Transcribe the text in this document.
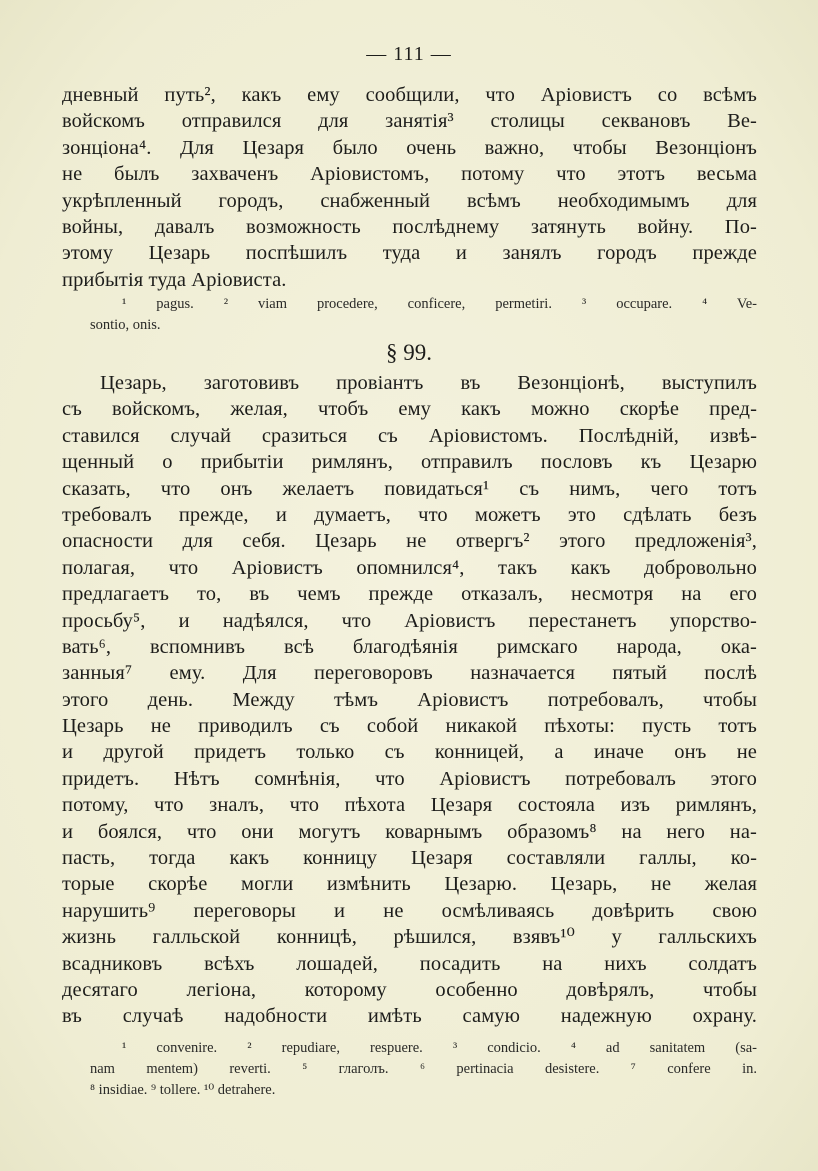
— 111 —
дневный путь², какъ ему сообщили, что Аріовистъ со всѣмъ
войскомъ отправился для занятія³ столицы секвановъ Ве-
зонціона⁴. Для Цезаря было очень важно, чтобы Везонціонъ
не былъ захваченъ Аріовистомъ, потому что этотъ весьма
укрѣпленный городъ, снабженный всѣмъ необходимымъ для
войны, давалъ возможность послѣднему затянуть войну. По-
этому Цезарь поспѣшилъ туда и занялъ городъ прежде
прибытія туда Аріовиста.
¹ pagus. ² viam procedere, conficere, permetiri. ³ occupare. ⁴ Ve-
sontio, onis.
§ 99.
Цезарь, заготовивъ провіантъ въ Везонціонѣ, выступилъ
съ войскомъ, желая, чтобъ ему какъ можно скорѣе пред-
ставился случай сразиться съ Аріовистомъ. Послѣдній, извѣ-
щенный о прибытіи римлянъ, отправилъ пословъ къ Цезарю
сказать, что онъ желаетъ повидаться¹ съ нимъ, чего тотъ
требовалъ прежде, и думаетъ, что можетъ это сдѣлать безъ
опасности для себя. Цезарь не отвергъ² этого предложенія³,
полагая, что Аріовистъ опомнился⁴, такъ какъ добровольно
предлагаетъ то, въ чемъ прежде отказалъ, несмотря на его
просьбу⁵, и надѣялся, что Аріовистъ перестанетъ упорство-
вать⁶, вспомнивъ всѣ благодѣянія римскаго народа, ока-
занныя⁷ ему. Для переговоровъ назначается пятый послѣ
этого день. Между тѣмъ Аріовистъ потребовалъ, чтобы
Цезарь не приводилъ съ собой никакой пѣхоты: пусть тотъ
и другой придетъ только съ конницей, а иначе онъ не
придетъ. Нѣтъ сомнѣнія, что Аріовистъ потребовалъ этого
потому, что зналъ, что пѣхота Цезаря состояла изъ римлянъ,
и боялся, что они могутъ коварнымъ образомъ⁸ на него на-
пасть, тогда какъ конницу Цезаря составляли галлы, ко-
торые скорѣе могли измѣнить Цезарю. Цезарь, не желая
нарушить⁹ переговоры и не осмѣливаясь довѣрить свою
жизнь галльской конницѣ, рѣшился, взявъ¹⁰ у галльскихъ
всадниковъ всѣхъ лошадей, посадить на нихъ солдатъ
десятаго легіона, которому особенно довѣрялъ, чтобы
въ случаѣ надобности имѣть самую надежную охрану.
¹ convenire. ² repudiare, respuere. ³ condicio. ⁴ ad sanitatem (sa-
nam mentem) reverti. ⁵ глаголъ. ⁶ pertinacia desistere. ⁷ confere in.
⁸ insidiae. ⁹ tollere. ¹⁰ detrahere.
